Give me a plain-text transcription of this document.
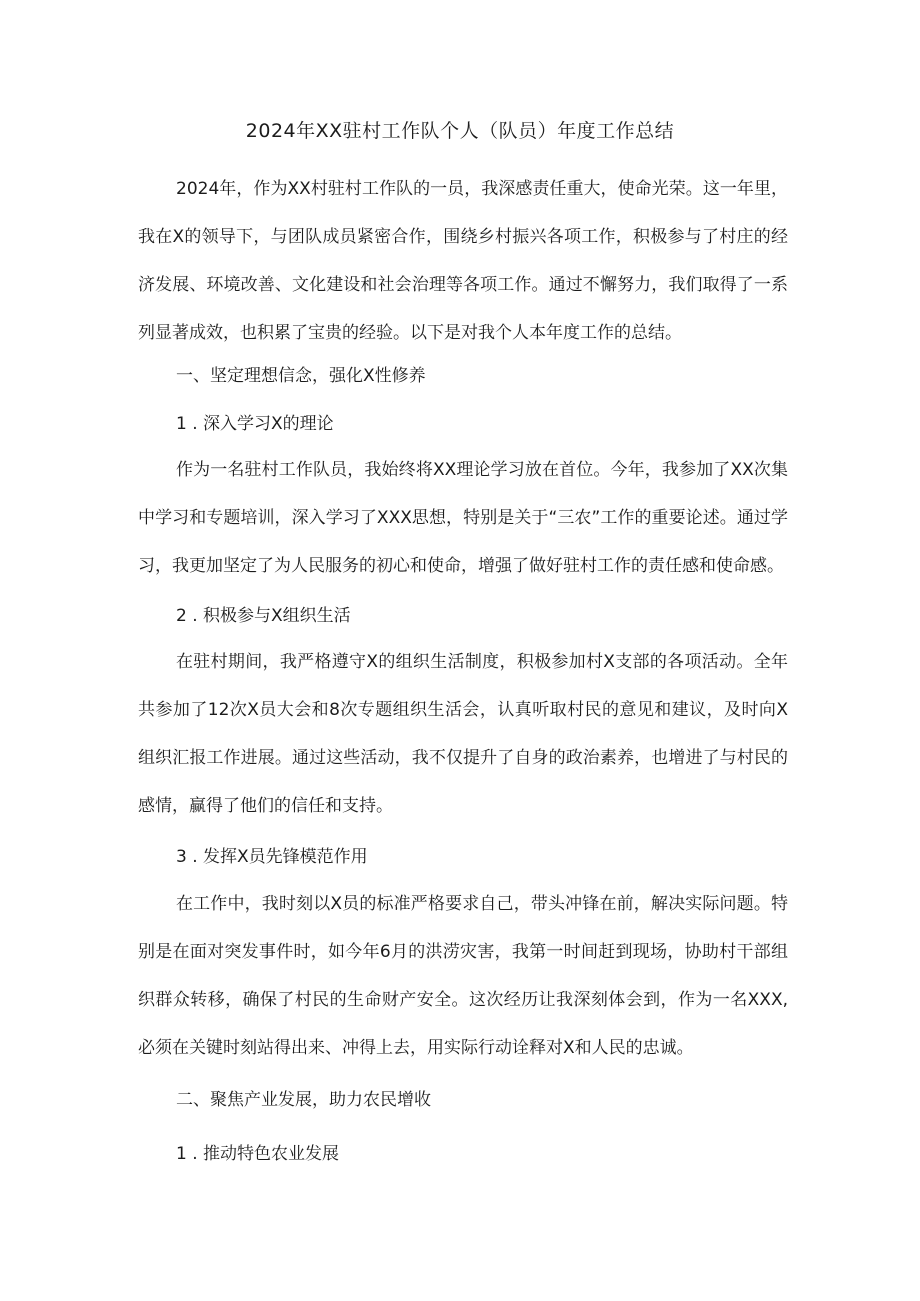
2024年XX驻村工作队个人（队员）年度工作总结

2024年，作为XX村驻村工作队的一员，我深感责任重大，使命光荣。这一年里，我在X的领导下，与团队成员紧密合作，围绕乡村振兴各项工作，积极参与了村庄的经济发展、环境改善、文化建设和社会治理等各项工作。通过不懈努力，我们取得了一系列显著成效，也积累了宝贵的经验。以下是对我个人本年度工作的总结。

一、坚定理想信念，强化X性修养
1 . 深入学习X的理论

作为一名驻村工作队员，我始终将XX理论学习放在首位。今年，我参加了XX次集中学习和专题培训，深入学习了XXX思想，特别是关于“三农”工作的重要论述。通过学习，我更加坚定了为人民服务的初心和使命，增强了做好驻村工作的责任感和使命感。

2 . 积极参与X组织生活

在驻村期间，我严格遵守X的组织生活制度，积极参加村X支部的各项活动。全年共参加了12次X员大会和8次专题组织生活会，认真听取村民的意见和建议，及时向X组织汇报工作进展。通过这些活动，我不仅提升了自身的政治素养，也增进了与村民的感情，赢得了他们的信任和支持。

3 . 发挥X员先锋模范作用

在工作中，我时刻以X员的标准严格要求自己，带头冲锋在前，解决实际问题。特别是在面对突发事件时，如今年6月的洪涝灾害，我第一时间赶到现场，协助村干部组织群众转移，确保了村民的生命财产安全。这次经历让我深刻体会到，作为一名XXX,必须在关键时刻站得出来、冲得上去，用实际行动诠释对X和人民的忠诚。

二、聚焦产业发展，助力农民增收
1 . 推动特色农业发展
